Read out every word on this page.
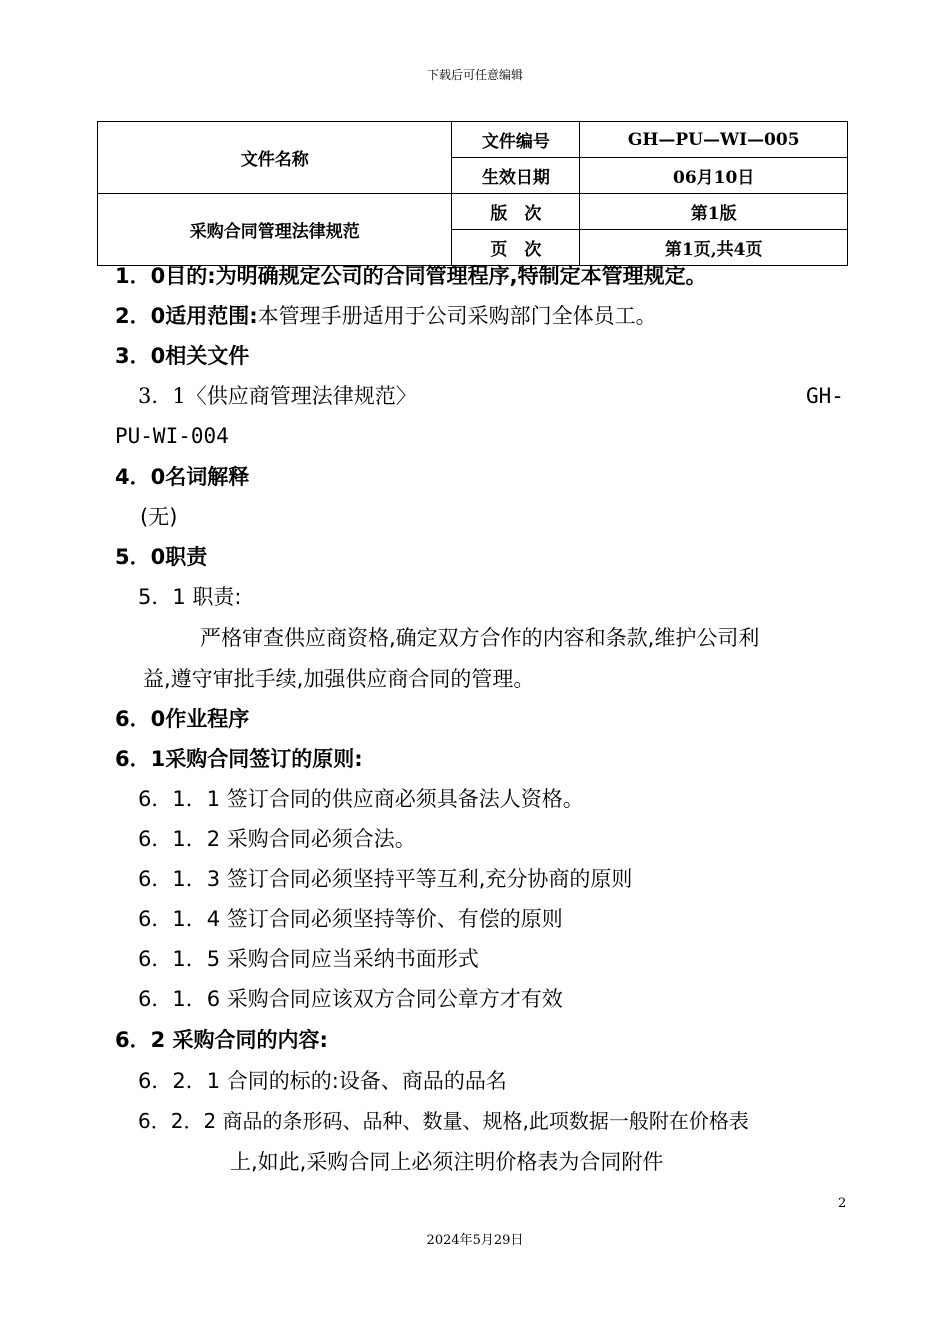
下载后可任意编辑
文件名称	文件编号	GH—PU—WI—005
	生效日期	06月10日
采购合同管理法律规范	版　次	第1版
	页　次	第1页,共4页
1．0目的:为明确规定公司的合同管理程序,特制定本管理规定。
2．0适用范围:本管理手册适用于公司采购部门全体员工。
3．0相关文件
3．1〈供应商管理法律规范〉	GH-
PU-WI-004
4．0名词解释
(无)
5．0职责
5．1 职责:
严格审查供应商资格,确定双方合作的内容和条款,维护公司利
益,遵守审批手续,加强供应商合同的管理。
6．0作业程序
6．1采购合同签订的原则:
6．1．1 签订合同的供应商必须具备法人资格。
6．1．2 采购合同必须合法。
6．1．3 签订合同必须坚持平等互利,充分协商的原则
6．1．4 签订合同必须坚持等价、有偿的原则
6．1．5 采购合同应当采纳书面形式
6．1．6 采购合同应该双方合同公章方才有效
6．2 采购合同的内容:
6．2．1 合同的标的:设备、商品的品名
6．2．2 商品的条形码、品种、数量、规格,此项数据一般附在价格表
上,如此,采购合同上必须注明价格表为合同附件
2
2024年5月29日
